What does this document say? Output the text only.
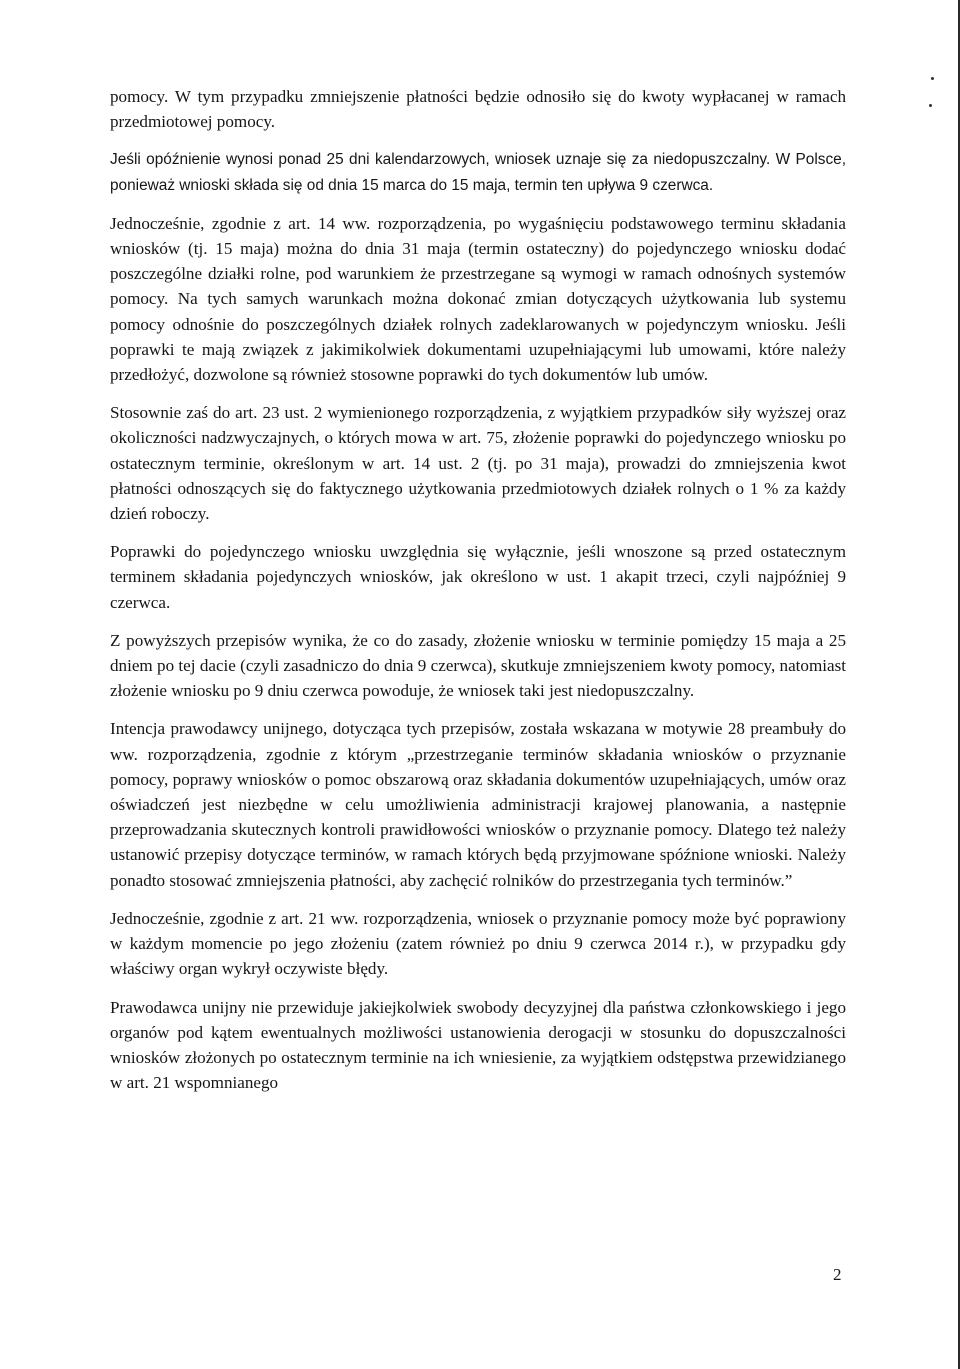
pomocy. W tym przypadku zmniejszenie płatności będzie odnosiło się do kwoty wypłacanej w ramach przedmiotowej pomocy.

Jeśli opóźnienie wynosi ponad 25 dni kalendarzowych, wniosek uznaje się za niedopuszczalny. W Polsce, ponieważ wnioski składa się od dnia 15 marca do 15 maja, termin ten upływa 9 czerwca.

Jednocześnie, zgodnie z art. 14 ww. rozporządzenia, po wygaśnięciu podstawowego terminu składania wniosków (tj. 15 maja) można do dnia 31 maja (termin ostateczny) do pojedynczego wniosku dodać poszczególne działki rolne, pod warunkiem że przestrzegane są wymogi w ramach odnośnych systemów pomocy. Na tych samych warunkach można dokonać zmian dotyczących użytkowania lub systemu pomocy odnośnie do poszczególnych działek rolnych zadeklarowanych w pojedynczym wniosku. Jeśli poprawki te mają związek z jakimikolwiek dokumentami uzupełniającymi lub umowami, które należy przedłożyć, dozwolone są również stosowne poprawki do tych dokumentów lub umów.

Stosownie zaś do art. 23 ust. 2 wymienionego rozporządzenia, z wyjątkiem przypadków siły wyższej oraz okoliczności nadzwyczajnych, o których mowa w art. 75, złożenie poprawki do pojedynczego wniosku po ostatecznym terminie, określonym w art. 14 ust. 2 (tj. po 31 maja), prowadzi do zmniejszenia kwot płatności odnoszących się do faktycznego użytkowania przedmiotowych działek rolnych o 1 % za każdy dzień roboczy.

Poprawki do pojedynczego wniosku uwzględnia się wyłącznie, jeśli wnoszone są przed ostatecznym terminem składania pojedynczych wniosków, jak określono w ust. 1 akapit trzeci, czyli najpóźniej 9 czerwca.

Z powyższych przepisów wynika, że co do zasady, złożenie wniosku w terminie pomiędzy 15 maja a 25 dniem po tej dacie (czyli zasadniczo do dnia 9 czerwca), skutkuje zmniejszeniem kwoty pomocy, natomiast złożenie wniosku po 9 dniu czerwca powoduje, że wniosek taki jest niedopuszczalny.

Intencja prawodawcy unijnego, dotycząca tych przepisów, została wskazana w motywie 28 preambuły do ww. rozporządzenia, zgodnie z którym „przestrzeganie terminów składania wniosków o przyznanie pomocy, poprawy wniosków o pomoc obszarową oraz składania dokumentów uzupełniających, umów oraz oświadczeń jest niezbędne w celu umożliwienia administracji krajowej planowania, a następnie przeprowadzania skutecznych kontroli prawidłowości wniosków o przyznanie pomocy. Dlatego też należy ustanowić przepisy dotyczące terminów, w ramach których będą przyjmowane spóźnione wnioski. Należy ponadto stosować zmniejszenia płatności, aby zachęcić rolników do przestrzegania tych terminów.”

Jednocześnie, zgodnie z art. 21 ww. rozporządzenia, wniosek o przyznanie pomocy może być poprawiony w każdym momencie po jego złożeniu (zatem również po dniu 9 czerwca 2014 r.), w przypadku gdy właściwy organ wykrył oczywiste błędy.

Prawodawca unijny nie przewiduje jakiejkolwiek swobody decyzyjnej dla państwa członkowskiego i jego organów pod kątem ewentualnych możliwości ustanowienia derogacji w stosunku do dopuszczalności wniosków złożonych po ostatecznym terminie na ich wniesienie, za wyjątkiem odstępstwa przewidzianego w art. 21 wspomnianego

2
